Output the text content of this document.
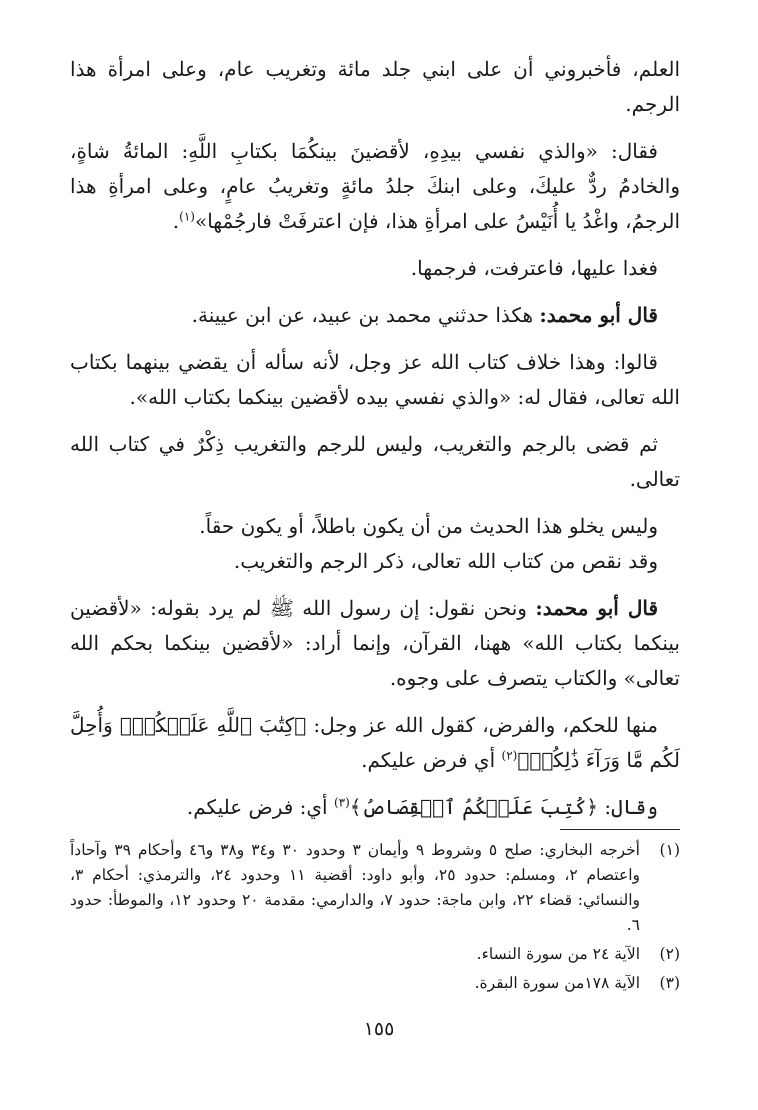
العلم، فأخبروني أن على ابني جلد مائة وتغريب عام، وعلى امرأة هذا الرجم.

فقال: «والذي نفسي بيدِهِ، لأقضينَ بينكُمَا بكتابِ اللَّهِ: المائةُ شاةٍ، والخادمُ ردٌّ عليكَ، وعلى ابنكَ جلدُ مائةٍ وتغريبُ عامٍ، وعلى امرأةِ هذا الرجمُ، واغْدُ يا أُنَيْسُ على امرأةِ هذا، فإن اعترفَتْ فارجُمْها»$^{(١)}$.

فغدا عليها، فاعترفت، فرجمها.

قال أبو محمد: هكذا حدثني محمد بن عبيد، عن ابن عيينة.

قالوا: وهذا خلاف كتاب الله عز وجل، لأنه سأله أن يقضي بينهما بكتاب الله تعالى، فقال له: «والذي نفسي بيده لأقضين بينكما بكتاب الله».

ثم قضى بالرجم والتغريب، وليس للرجم والتغريب ذِكْرٌ في كتاب الله تعالى.

وليس يخلو هذا الحديث من أن يكون باطلاً، أو يكون حقاً.

وقد نقص من كتاب الله تعالى، ذكر الرجم والتغريب.

قال أبو محمد: ونحن نقول: إن رسول الله ﷺ لم يرد بقوله: «لأقضين بينكما بكتاب الله» ههنا، القرآن، وإنما أراد: «لأقضين بينكما بحكم الله تعالى» والكتاب يتصرف على وجوه.

منها للحكم، والفرض، كقول الله عز وجل: ﴿كِتَٰبَ ٱللَّهِ عَلَيۡكُمۡۚ وَأُحِلَّ لَكُم مَّا وَرَآءَ ذَٰلِكُمۡ﴾$^{(٢)}$ أي فرض عليكم.

وقال: ﴿كُتِبَ عَلَيۡكُمُ ٱلۡقِصَاصُ﴾$^{(٣)}$ أي: فرض عليكم.

(١)
أخرجه البخاري: صلح ٥ وشروط ٩ وأيمان ٣ وحدود ٣٠ و٣٤ و٣٨ و٤٦ وأحكام ٣٩ وآحاداً واعتصام ٢، ومسلم: حدود ٢٥، وأبو داود: أقضية ١١ وحدود ٢٤، والترمذي: أحكام ٣، والنسائي: قضاء ٢٢، وابن ماجة: حدود ٧، والدارمي: مقدمة ٢٠ وحدود ١٢، والموطأ: حدود ٦.
(٢)
الآية ٢٤ من سورة النساء.
(٣)
الآية ١٧٨من سورة البقرة.
١٥٥
